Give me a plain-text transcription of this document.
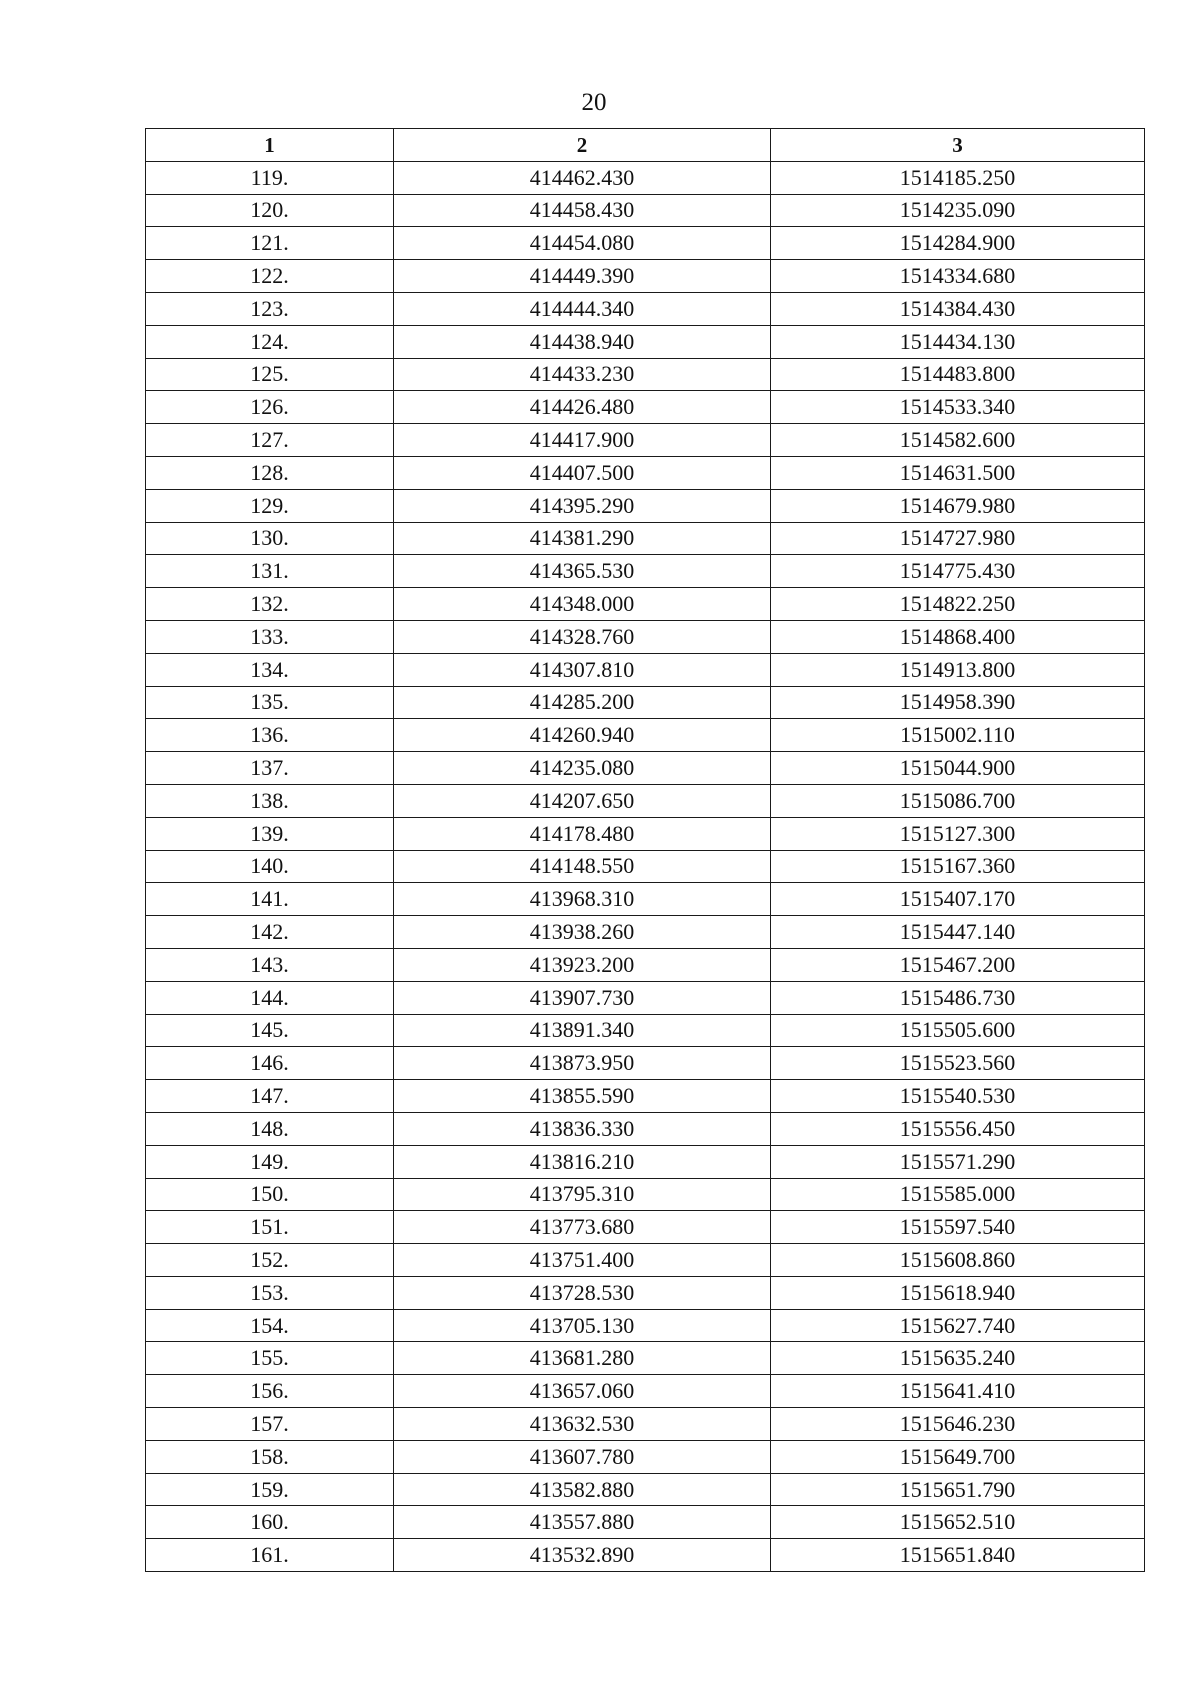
20
1	2	3
119.	414462.430	1514185.250
120.	414458.430	1514235.090
121.	414454.080	1514284.900
122.	414449.390	1514334.680
123.	414444.340	1514384.430
124.	414438.940	1514434.130
125.	414433.230	1514483.800
126.	414426.480	1514533.340
127.	414417.900	1514582.600
128.	414407.500	1514631.500
129.	414395.290	1514679.980
130.	414381.290	1514727.980
131.	414365.530	1514775.430
132.	414348.000	1514822.250
133.	414328.760	1514868.400
134.	414307.810	1514913.800
135.	414285.200	1514958.390
136.	414260.940	1515002.110
137.	414235.080	1515044.900
138.	414207.650	1515086.700
139.	414178.480	1515127.300
140.	414148.550	1515167.360
141.	413968.310	1515407.170
142.	413938.260	1515447.140
143.	413923.200	1515467.200
144.	413907.730	1515486.730
145.	413891.340	1515505.600
146.	413873.950	1515523.560
147.	413855.590	1515540.530
148.	413836.330	1515556.450
149.	413816.210	1515571.290
150.	413795.310	1515585.000
151.	413773.680	1515597.540
152.	413751.400	1515608.860
153.	413728.530	1515618.940
154.	413705.130	1515627.740
155.	413681.280	1515635.240
156.	413657.060	1515641.410
157.	413632.530	1515646.230
158.	413607.780	1515649.700
159.	413582.880	1515651.790
160.	413557.880	1515652.510
161.	413532.890	1515651.840
